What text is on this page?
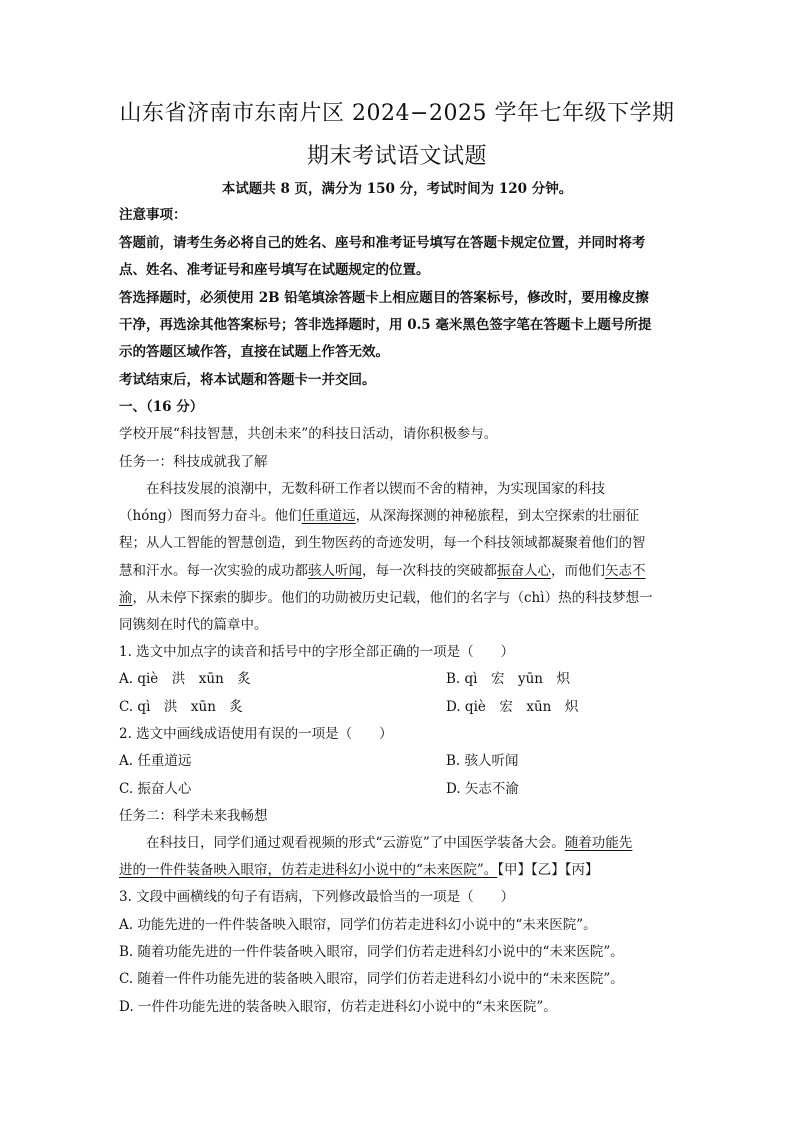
山东省济南市东南片区 2024−2025 学年七年级下学期
期末考试语文试题
本试题共 8 页，满分为 150 分，考试时间为 120 分钟。
注意事项：
答题前，请考生务必将自己的姓名、座号和准考证号填写在答题卡规定位置，并同时将考
点、姓名、准考证号和座号填写在试题规定的位置。
答选择题时，必须使用 2B 铅笔填涂答题卡上相应题目的答案标号，修改时，要用橡皮擦
干净，再选涂其他答案标号；答非选择题时，用 0.5 毫米黑色签字笔在答题卡上题号所提
示的答题区域作答，直接在试题上作答无效。
考试结束后，将本试题和答题卡一并交回。
一、（16 分）
学校开展“科技智慧，共创未来”的科技日活动，请你积极参与。
任务一：科技成就我了解
在科技发展的浪潮中，无数科研工作者以锲而不舍的精神，为实现国家的科技
（hóng）图而努力奋斗。他们任重道远，从深海探测的神秘旅程，到太空探索的壮丽征
程；从人工智能的智慧创造，到生物医药的奇迹发明，每一个科技领域都凝聚着他们的智
慧和汗水。每一次实验的成功都骇人听闻，每一次科技的突破都振奋人心，而他们矢志不
渝，从未停下探索的脚步。他们的功勋被历史记载，他们的名字与（chì）热的科技梦想一
同镌刻在时代的篇章中。
1. 选文中加点字的读音和括号中的字形全部正确的一项是（　　）
A. qiè　洪　xūn　炙	B. qì　宏　yūn　炽
C. qì　洪　xūn　炙	D. qiè　宏　xūn　炽
2. 选文中画线成语使用有误的一项是（　　）
A. 任重道远	B. 骇人听闻
C. 振奋人心	D. 矢志不渝
任务二：科学未来我畅想
在科技日，同学们通过观看视频的形式“云游览”了中国医学装备大会。随着功能先
进的一件件装备映入眼帘，仿若走进科幻小说中的“未来医院”。【甲】【乙】【丙】
3. 文段中画横线的句子有语病，下列修改最恰当的一项是（　　）
A. 功能先进的一件件装备映入眼帘，同学们仿若走进科幻小说中的“未来医院”。
B. 随着功能先进的一件件装备映入眼帘，同学们仿若走进科幻小说中的“未来医院”。
C. 随着一件件功能先进的装备映入眼帘，同学们仿若走进科幻小说中的“未来医院”。
D. 一件件功能先进的装备映入眼帘，仿若走进科幻小说中的“未来医院”。
